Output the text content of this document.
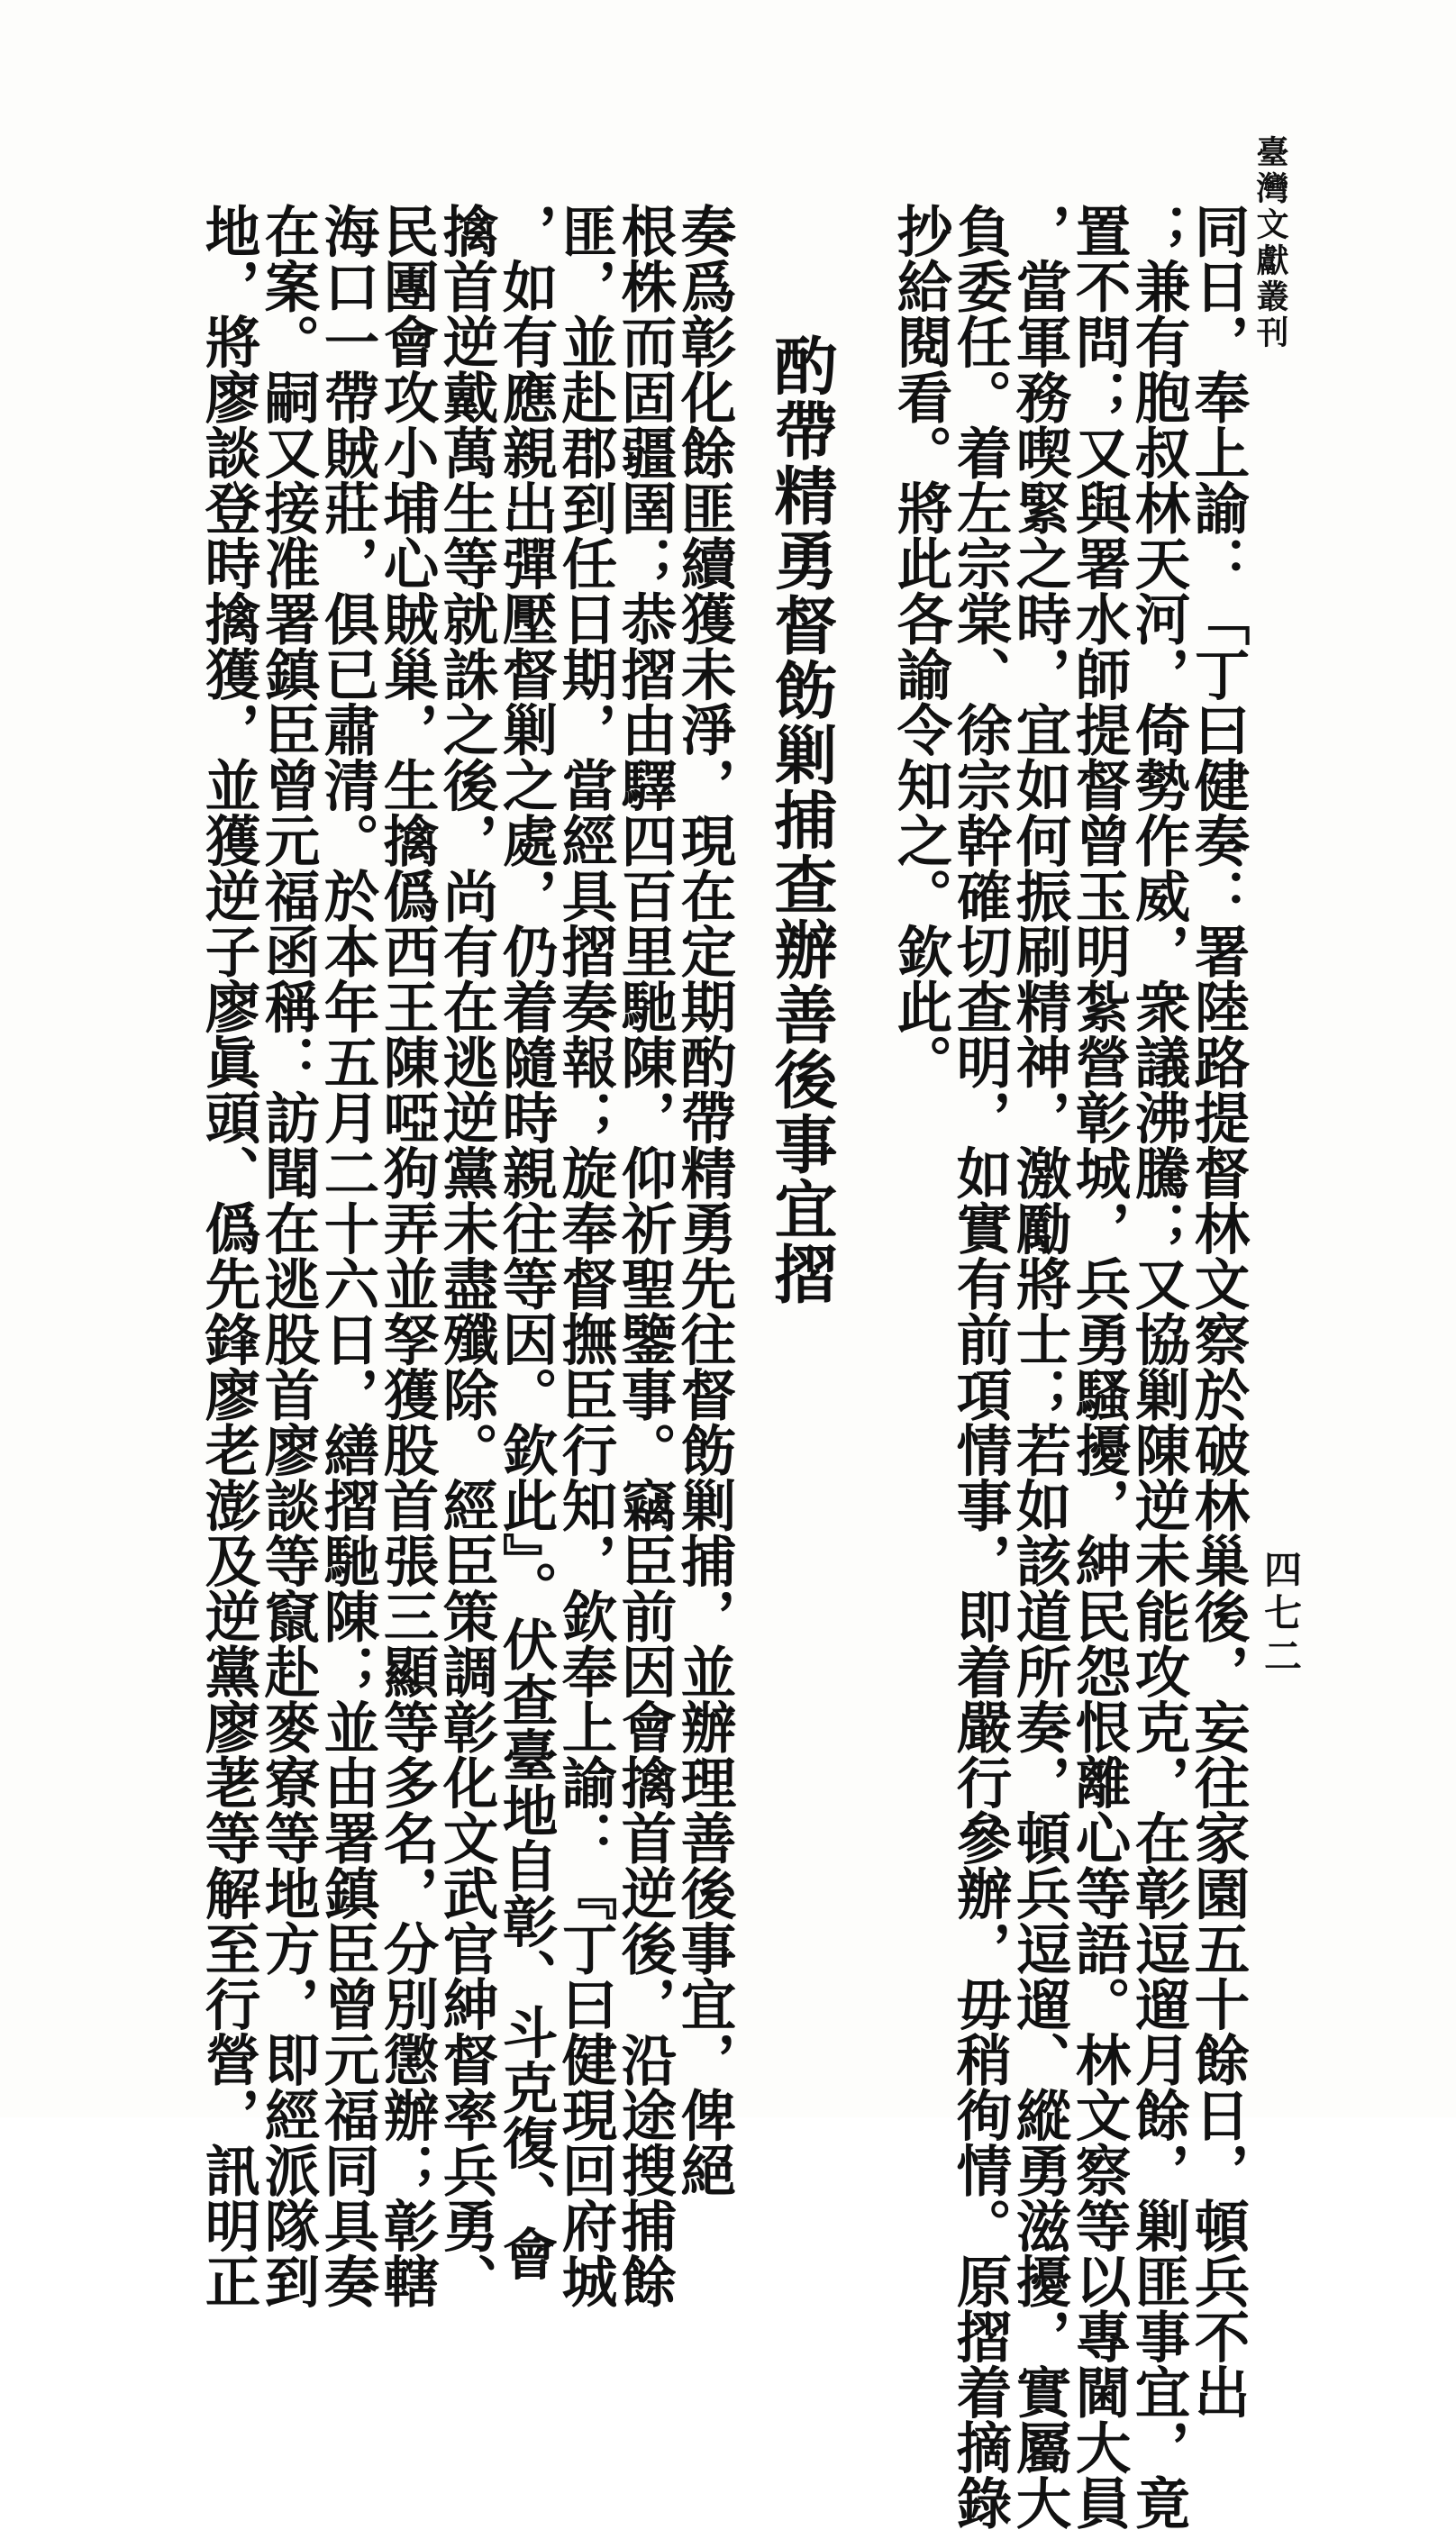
臺灣文獻叢刊
四七二

同日，奉上諭：「丁曰健奏：署陸路提督林文察於破林巢後，妄往家園五十餘日，頓兵不出

；兼有胞叔林天河，倚勢作威，衆議沸騰；又協剿陳逆未能攻克，在彰逗遛月餘，剿匪事宜，竟

置不問；又與署水師提督曾玉明紮營彰城，兵勇騷擾，紳民怨恨離心等語。林文察等以專閫大員

，當軍務喫緊之時，宜如何振刷精神，激勵將士；若如該道所奏，頓兵逗遛、縱勇滋擾，實屬大

負委任。着左宗棠、徐宗幹確切查明，如實有前項情事，即着嚴行參辦，毋稍徇情。原摺着摘錄

抄給閱看。將此各諭令知之。欽此。

酌帶精勇督飭剿捕查辦善後事宜摺

奏爲彰化餘匪續獲未淨，現在定期酌帶精勇先往督飭剿捕，並辦理善後事宜，俾絕

根株而固疆圉；恭摺由驛四百里馳陳，仰祈聖鑒事。竊臣前因會擒首逆後，沿途搜捕餘

匪，並赴郡到任日期，當經具摺奏報；旋奉督撫臣行知，欽奉上諭：『丁曰健現回府城

，如有應親出彈壓督剿之處，仍着隨時親往等因。欽此』。伏查臺地自彰、斗克復、會

擒首逆戴萬生等就誅之後，尚有在逃逆黨未盡殲除。經臣策調彰化文武官紳督率兵勇、

民團會攻小埔心賊巢，生擒僞西王陳啞狗弄並孥獲股首張三顯等多名，分別懲辦；彰轄

海口一帶賊莊，俱已肅清。於本年五月二十六日，繕摺馳陳；並由署鎮臣曾元福同具奏

在案。嗣又接准署鎮臣曾元福函稱：訪聞在逃股首廖談等竄赴麥寮等地方，即經派隊到

地，將廖談登時擒獲，並獲逆子廖眞頭、僞先鋒廖老澎及逆黨廖荖等解至行營，訊明正
